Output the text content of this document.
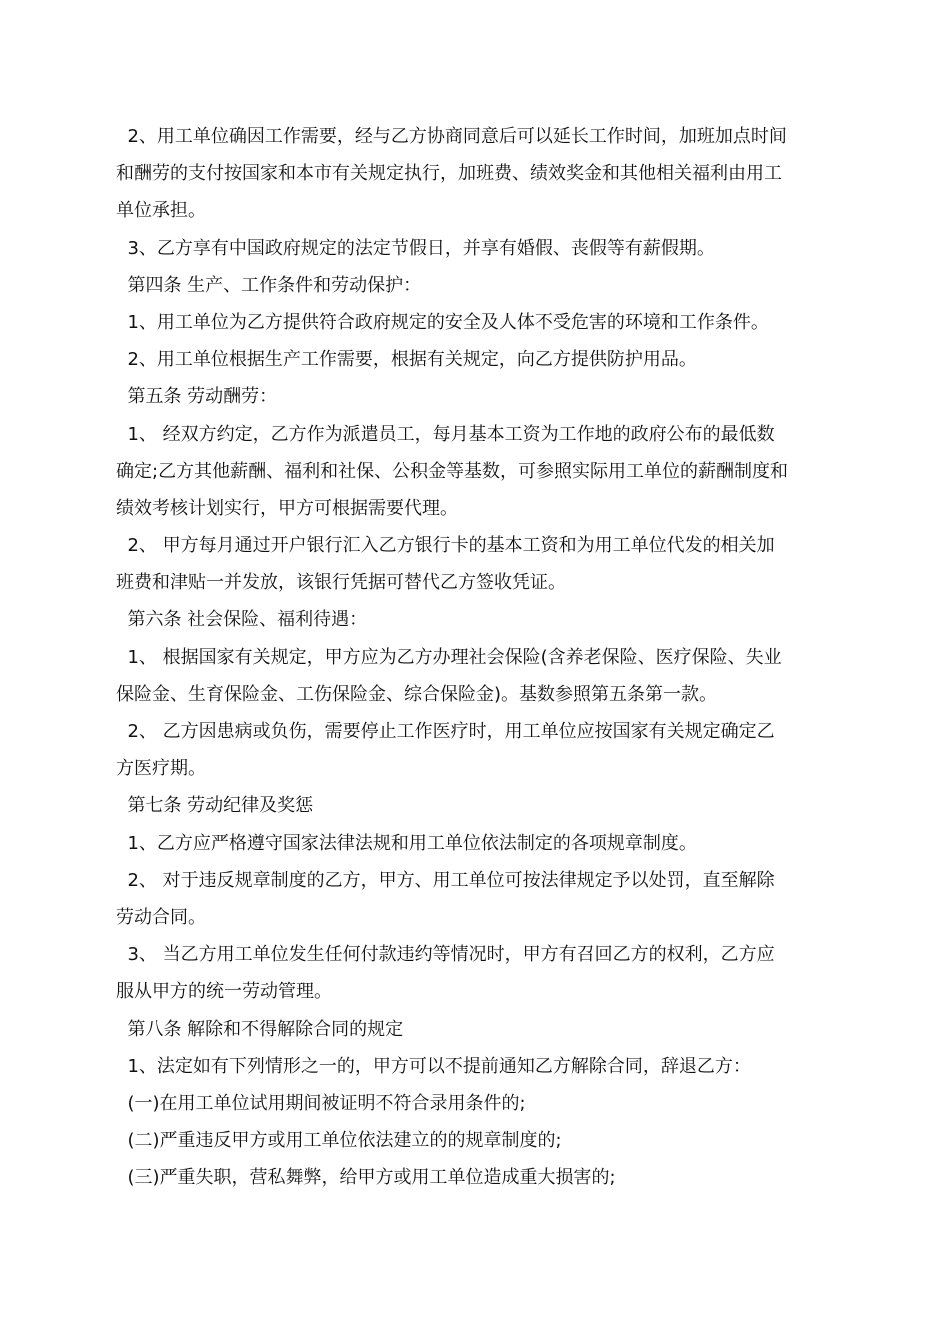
2、用工单位确因工作需要，经与乙方协商同意后可以延长工作时间，加班加点时间
和酬劳的支付按国家和本市有关规定执行，加班费、绩效奖金和其他相关福利由用工
单位承担。
3、乙方享有中国政府规定的法定节假日，并享有婚假、丧假等有薪假期。
第四条 生产、工作条件和劳动保护：
1、用工单位为乙方提供符合政府规定的安全及人体不受危害的环境和工作条件。
2、用工单位根据生产工作需要，根据有关规定，向乙方提供防护用品。
第五条 劳动酬劳：
1、 经双方约定，乙方作为派遣员工，每月基本工资为工作地的政府公布的最低数
确定;乙方其他薪酬、福利和社保、公积金等基数，可参照实际用工单位的薪酬制度和
绩效考核计划实行，甲方可根据需要代理。
2、 甲方每月通过开户银行汇入乙方银行卡的基本工资和为用工单位代发的相关加
班费和津贴一并发放，该银行凭据可替代乙方签收凭证。
第六条 社会保险、福利待遇：
1、 根据国家有关规定，甲方应为乙方办理社会保险(含养老保险、医疗保险、失业
保险金、生育保险金、工伤保险金、综合保险金)。基数参照第五条第一款。
2、 乙方因患病或负伤，需要停止工作医疗时，用工单位应按国家有关规定确定乙
方医疗期。
第七条 劳动纪律及奖惩
1、乙方应严格遵守国家法律法规和用工单位依法制定的各项规章制度。
2、 对于违反规章制度的乙方，甲方、用工单位可按法律规定予以处罚，直至解除
劳动合同。
3、 当乙方用工单位发生任何付款违约等情况时，甲方有召回乙方的权利，乙方应
服从甲方的统一劳动管理。
第八条 解除和不得解除合同的规定
1、法定如有下列情形之一的，甲方可以不提前通知乙方解除合同，辞退乙方：
(一)在用工单位试用期间被证明不符合录用条件的;
(二)严重违反甲方或用工单位依法建立的的规章制度的;
(三)严重失职，营私舞弊，给甲方或用工单位造成重大损害的;
